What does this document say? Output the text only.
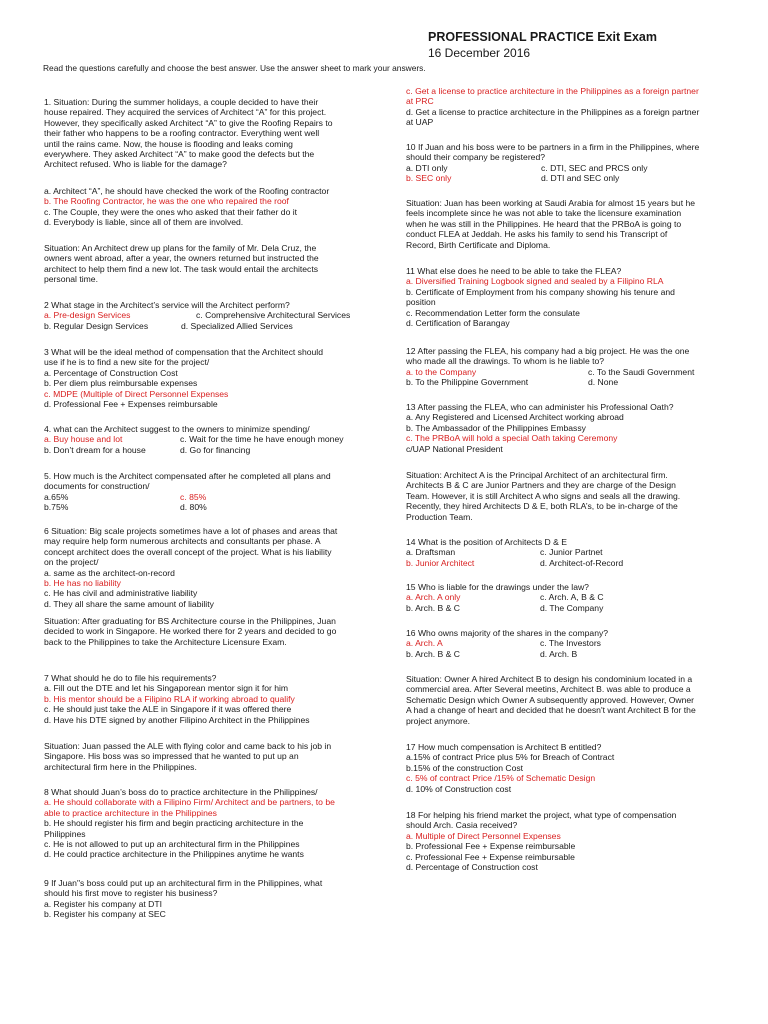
PROFESSIONAL PRACTICE Exit Exam
16 December 2016
Read the questions carefully and choose the best answer. Use the answer sheet to mark your answers.
1. Situation: During the summer holidays, a couple decided to have their
house repaired. They acquired the services of Architect “A” for this project.
However, they specifically asked Architect “A” to give the Roofing Repairs to
their father who happens to be a roofing contractor. Everything went well
until the rains came. Now, the house is flooding and leaks coming
everywhere. They asked Architect “A” to make good the defects but the
Architect refused. Who is liable for the damage?
a. Architect “A”, he should have checked the work of the Roofing contractor
b. The Roofing Contractor, he was the one who repaired the roof
c. The Couple, they were the ones who asked that their father do it
d. Everybody is liable, since all of them are involved.
Situation: An Architect drew up plans for the family of Mr. Dela Cruz, the
owners went abroad, after a year, the owners returned but instructed the
architect to help them find a new lot. The task would entail the architects
personal time.
2 What stage in the Architect’s service will the Architect perform?
a. Pre-design Services	c. Comprehensive Architectural Services
b. Regular Design Services	d. Specialized Allied Services
3 What will be the ideal method of compensation that the Architect should
use if he is to find a new site for the project/
a. Percentage of Construction Cost
b. Per diem plus reimbursable expenses
c. MDPE (Multiple of Direct Personnel Expenses
d. Professional Fee + Expenses reimbursable
4. what can the Architect suggest to the owners to minimize spending/
a. Buy house and lot	c. Wait for the time he have enough money
b. Don’t dream for a house	d. Go for financing
5. How much is the Architect compensated after he completed all plans and
documents for construction/
a.65%	c. 85%
b.75%	d. 80%
6 Situation: Big scale projects sometimes have a lot of phases and areas that
may require help form numerous architects and consultants per phase. A
concept architect does the overall concept of the project. What is his liability
on the project/
a. same as the architect-on-record
b. He has no liability
c. He has civil and administrative liability
d. They all share the same amount of liability
Situation: After graduating for BS Architecture course in the Philippines, Juan
decided to work in Singapore. He worked there for 2 years and decided to go
back to the Philippines to take the Architecture Licensure Exam.
7 What should he do to file his requirements?
a. Fill out the DTE and let his Singaporean mentor sign it for him
b. His mentor should be a Filipino RLA if working abroad to qualify
c. He should just take the ALE in Singapore if it was offered there
d. Have his DTE signed by another Filipino Architect in the Philippines
Situation: Juan passed the ALE with flying color and came back to his job in
Singapore. His boss was so impressed that he wanted to put up an
architectural firm here in the Philippines.
8 What should Juan’s boss do to practice architecture in the Philippines/
a. He should collaborate with a Filipino Firm/ Architect and be partners, to be
able to practice architecture in the Philippines
b. He should register his firm and begin practicing architecture in the
Philippines
c. He is not allowed to put up an architectural firm in the Philippines
d. He could practice architecture in the Philippines anytime he wants
9 If Juan"s boss could put up an architectural firm in the Philippines, what
should his first move to register his business?
a. Register his company at DTI
b. Register his company at SEC
c. Get a license to practice architecture in the Philippines as a foreign partner
at PRC
d. Get a license to practice architecture in the Philippines as a foreign partner
at UAP
10 If Juan and his boss were to be partners in a firm in the Philippines, where
should their company be registered?
a. DTI only	c. DTI, SEC and PRCS only
b. SEC only	d. DTI and SEC only
Situation: Juan has been working at Saudi Arabia for almost 15 years but he
feels incomplete since he was not able to take the licensure examination
when he was still in the Philippines. He heard that the PRBoA is going to
conduct FLEA at Jeddah. He asks his family to send his Transcript of
Record, Birth Certificate and Diploma.
11 What else does he need to be able to take the FLEA?
a. Diversified Training Logbook signed and sealed by a Filipino RLA
b. Certificate of Employment from his company showing his tenure and
position
c. Recommendation Letter form the consulate
d. Certification of Barangay
12 After passing the FLEA, his company had a big project. He was the one
who made all the drawings. To whom is he liable to?
a. to the Company	c. To the Saudi Government
b. To the Philippine Government	d. None
13 After passing the FLEA, who can administer his Professional Oath?
a. Any Registered and Licensed Architect working abroad
b. The Ambassador of the Philippines Embassy
c. The PRBoA will hold a special Oath taking Ceremony
c/UAP National President
Situation: Architect A is the Principal Architect of an architectural firm.
Architects B & C are Junior Partners and they are charge of the Design
Team. However, it is still Architect A who signs and seals all the drawing.
Recently, they hired Architects D & E, both RLA’s, to be in-charge of the
Production Team.
14 What is the position of Architects D & E
a. Draftsman	c. Junior Partnet
b. Junior Architect	d. Architect-of-Record
15 Who is liable for the drawings under the law?
a. Arch. A only	c. Arch. A, B & C
b. Arch. B & C	d. The Company
16 Who owns majority of the shares in the company?
a. Arch. A	c. The Investors
b. Arch. B & C	d. Arch. B
Situation: Owner A hired Architect B to design his condominium located in a
commercial area. After Several meetins, Architect B. was able to produce a
Schematic Design which Owner A subsequently approved. However, Owner
A had a change of heart and decided that he doesn't want Architect B for the
project anymore.
17 How much compensation is Architect B entitled?
a.15% of contract Price plus 5% for Breach of Contract
b.15% of the construction Cost
c. 5% of contract Price /15% of Schematic Design
d. 10% of Construction cost
18 For helping his friend market the project, what type of compensation
should Arch. Casia received?
a. Multiple of Direct Personnel Expenses
b. Professional Fee + Expense reimbursable
c. Professional Fee + Expense reimbursable
d. Percentage of Construction cost
